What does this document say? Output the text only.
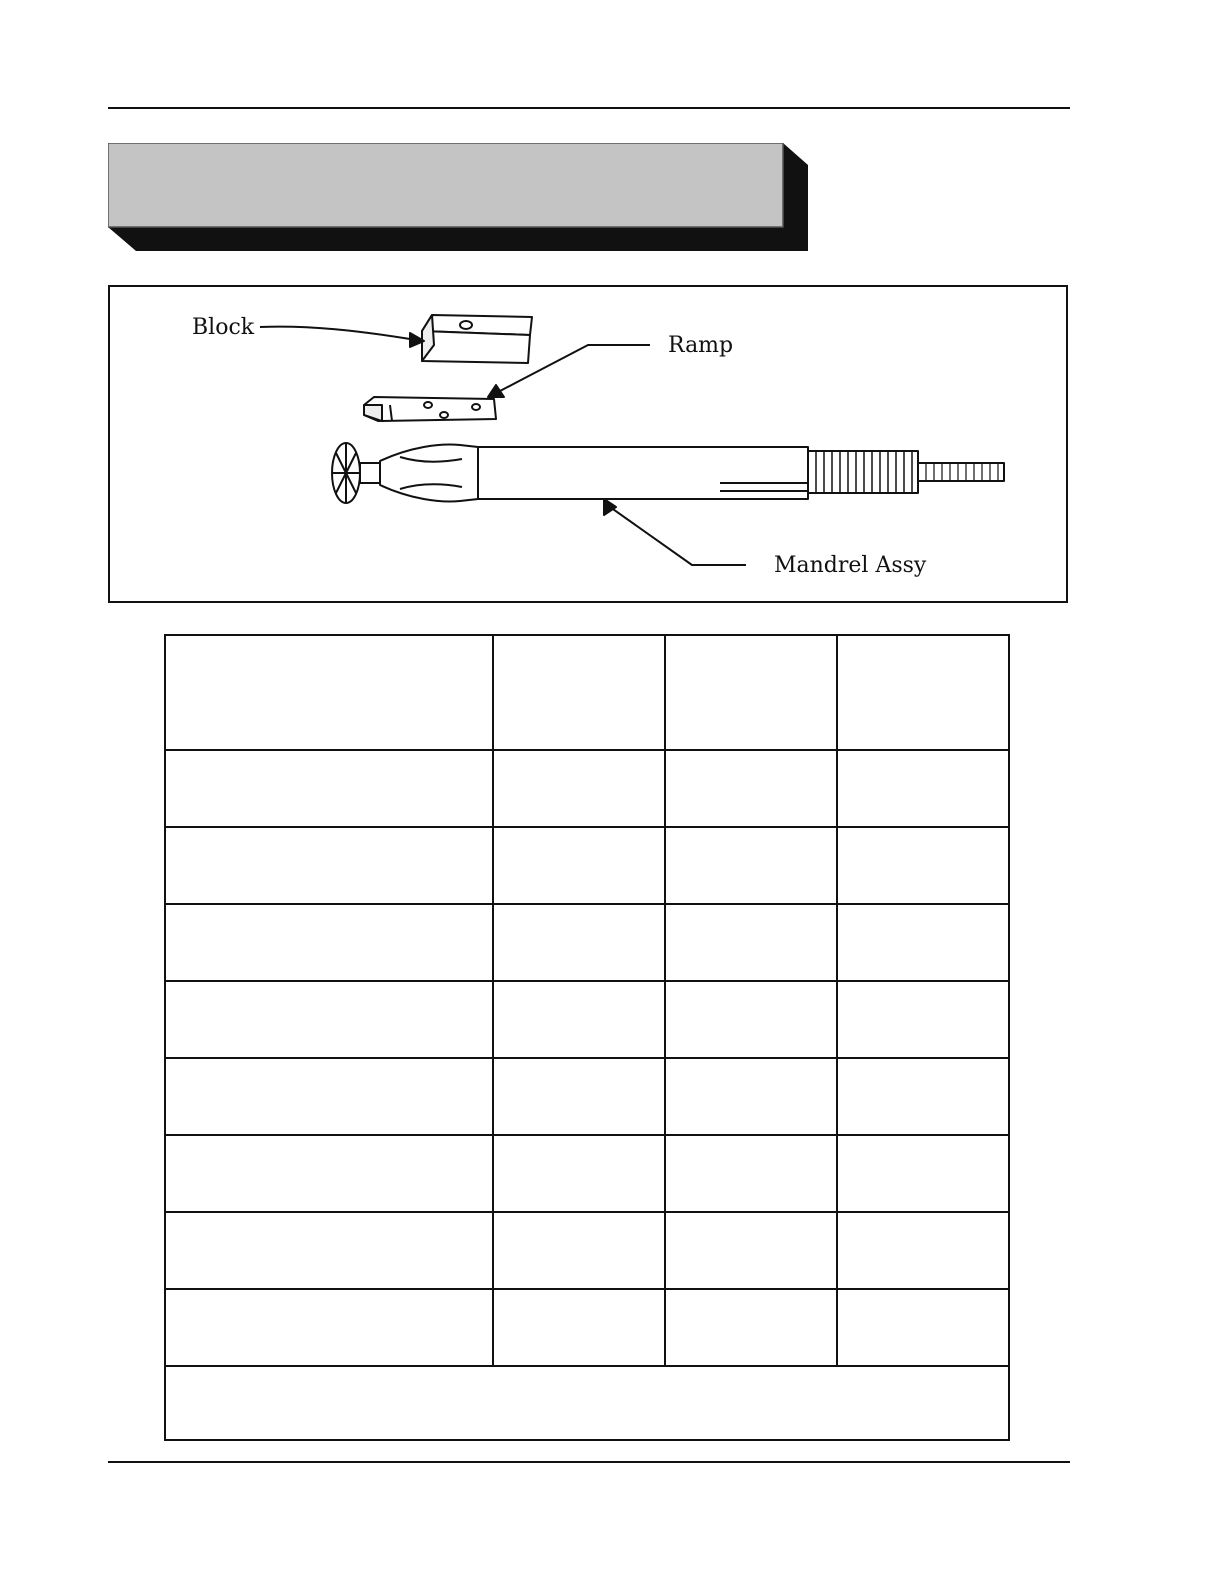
Block
Ramp
Mandrel Assy
